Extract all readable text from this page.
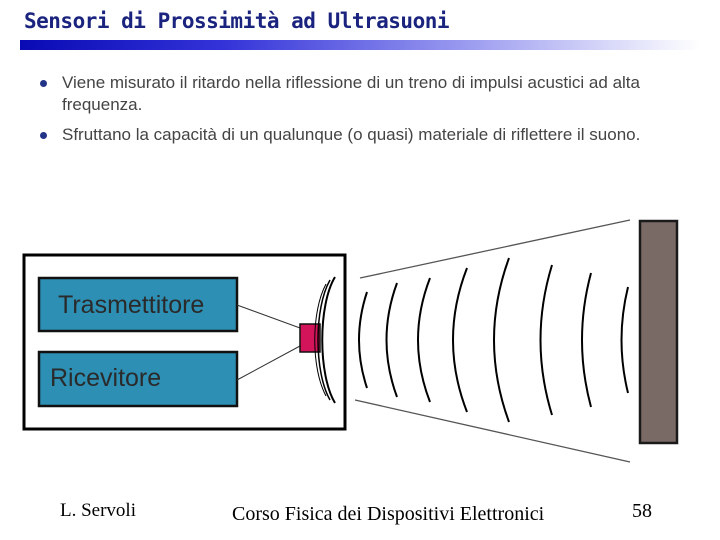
Sensori di Prossimità ad Ultrasuoni
Viene misurato il ritardo nella riflessione di un treno di impulsi acustici ad alta frequenza.
Sfruttano la capacità di un qualunque (o quasi) materiale di riflettere il suono.
Trasmettitore
Ricevitore
L. Servoli	Corso Fisica dei Dispositivi Elettronici	58
